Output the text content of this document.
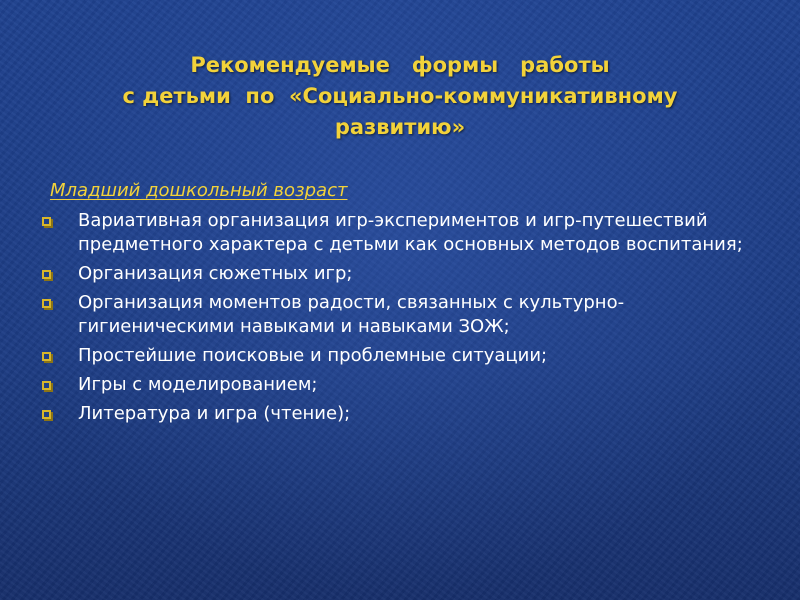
Рекомендуемые   формы   работы
с детьми  по  «Социально-коммуникативному
развитию»
Младший дошкольный возраст
Вариативная организация игр-экспериментов и игр-путешествий предметного характера с детьми как основных методов воспитания;
Организация сюжетных игр;
Организация моментов радости, связанных с культурно-гигиеническими навыками и навыками ЗОЖ;
Простейшие поисковые и проблемные ситуации;
Игры с моделированием;
Литература и игра (чтение);
